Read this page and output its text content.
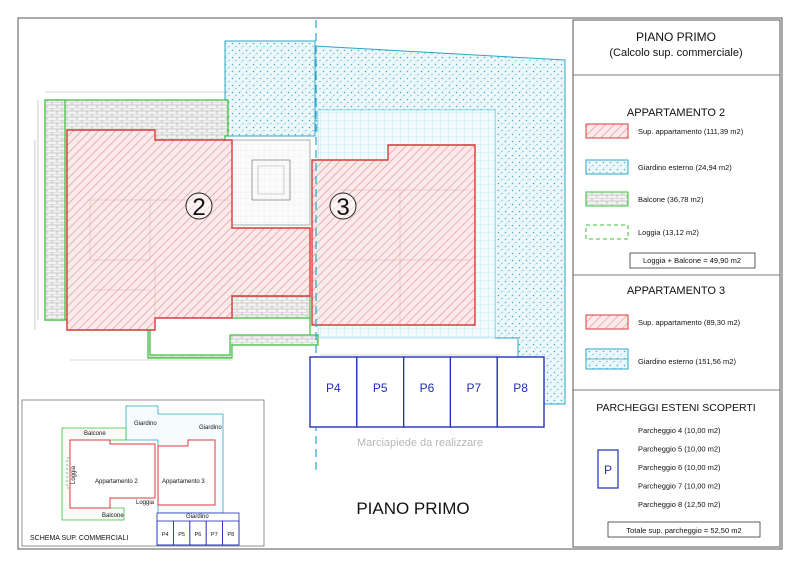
2	3
P4	P5	P6	P7	P8
Marciapiede da realizzare
PIANO PRIMO
P4 P5 P6 P7 P8
Balcone
Giardino
Giardino
Loggia	Appartamento 2	Appartamento 3
Loggia
Balcone	Giardino
SCHEMA SUP. COMMERCIALI
PIANO PRIMO
(Calcolo sup. commerciale)
APPARTAMENTO 2
Sup. appartamento (111,39 m2)
Giardino esterno (24,94 m2)
Balcone (36,78 m2)
Loggia (13,12 m2)
Loggia + Balcone = 49,90 m2
APPARTAMENTO 3
Sup. appartamento (89,30 m2)
Giardino esterno (151,56 m2)
PARCHEGGI ESTENI SCOPERTI
P
Parcheggio 4 (10,00 m2)
Parcheggio 5 (10,00 m2)
Parcheggio 6 (10,00 m2)
Parcheggio 7 (10,00 m2)
Parcheggio 8 (12,50 m2)
Totale sup. parcheggio = 52,50 m2
